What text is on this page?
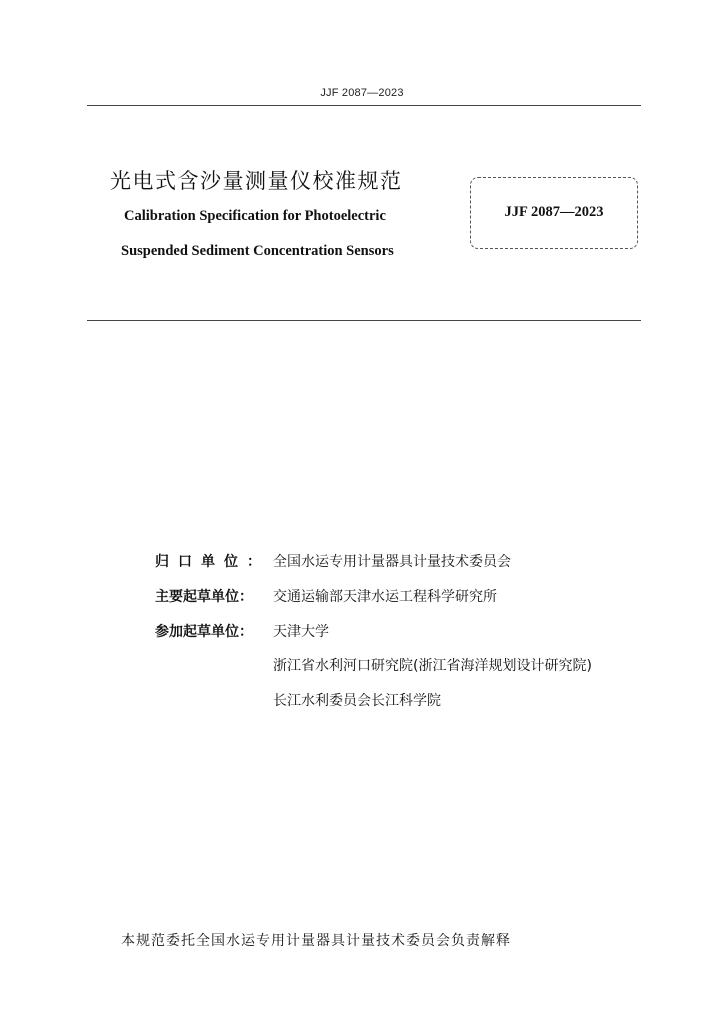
JJF 2087—2023
光电式含沙量测量仪校准规范
Calibration Specification for Photoelectric
Suspended Sediment Concentration Sensors
JJF 2087—2023
归口单位： 全国水运专用计量器具计量技术委员会
主要起草单位： 交通运输部天津水运工程科学研究所
参加起草单位： 天津大学
浙江省水利河口研究院(浙江省海洋规划设计研究院)
长江水利委员会长江科学院
本规范委托全国水运专用计量器具计量技术委员会负责解释
